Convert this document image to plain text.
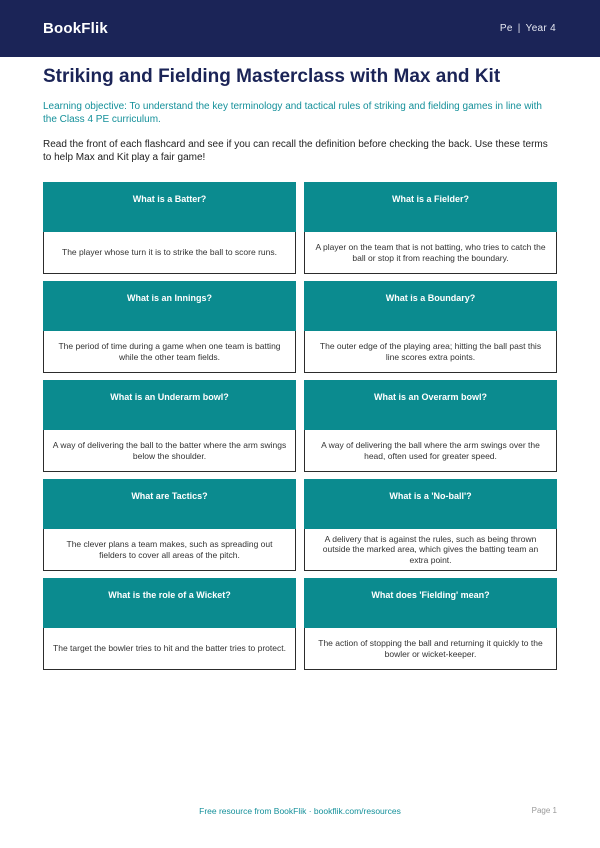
BookFlik	Pe | Year 4
Striking and Fielding Masterclass with Max and Kit

Learning objective: To understand the key terminology and tactical rules of striking and fielding games in line with the Class 4 PE curriculum.

Read the front of each flashcard and see if you can recall the definition before checking the back. Use these terms to help Max and Kit play a fair game!

What is a Batter?
The player whose turn it is to strike the ball to score runs.
What is a Fielder?
A player on the team that is not batting, who tries to catch the ball or stop it from reaching the boundary.
What is an Innings?
The period of time during a game when one team is batting while the other team fields.
What is a Boundary?
The outer edge of the playing area; hitting the ball past this line scores extra points.
What is an Underarm bowl?
A way of delivering the ball to the batter where the arm swings below the shoulder.
What is an Overarm bowl?
A way of delivering the ball where the arm swings over the head, often used for greater speed.
What are Tactics?
The clever plans a team makes, such as spreading out fielders to cover all areas of the pitch.
What is a 'No-ball'?
A delivery that is against the rules, such as being thrown outside the marked area, which gives the batting team an extra point.
What is the role of a Wicket?
The target the bowler tries to hit and the batter tries to protect.
What does 'Fielding' mean?
The action of stopping the ball and returning it quickly to the bowler or wicket-keeper.
Free resource from BookFlik · bookflik.com/resources	Page 1
